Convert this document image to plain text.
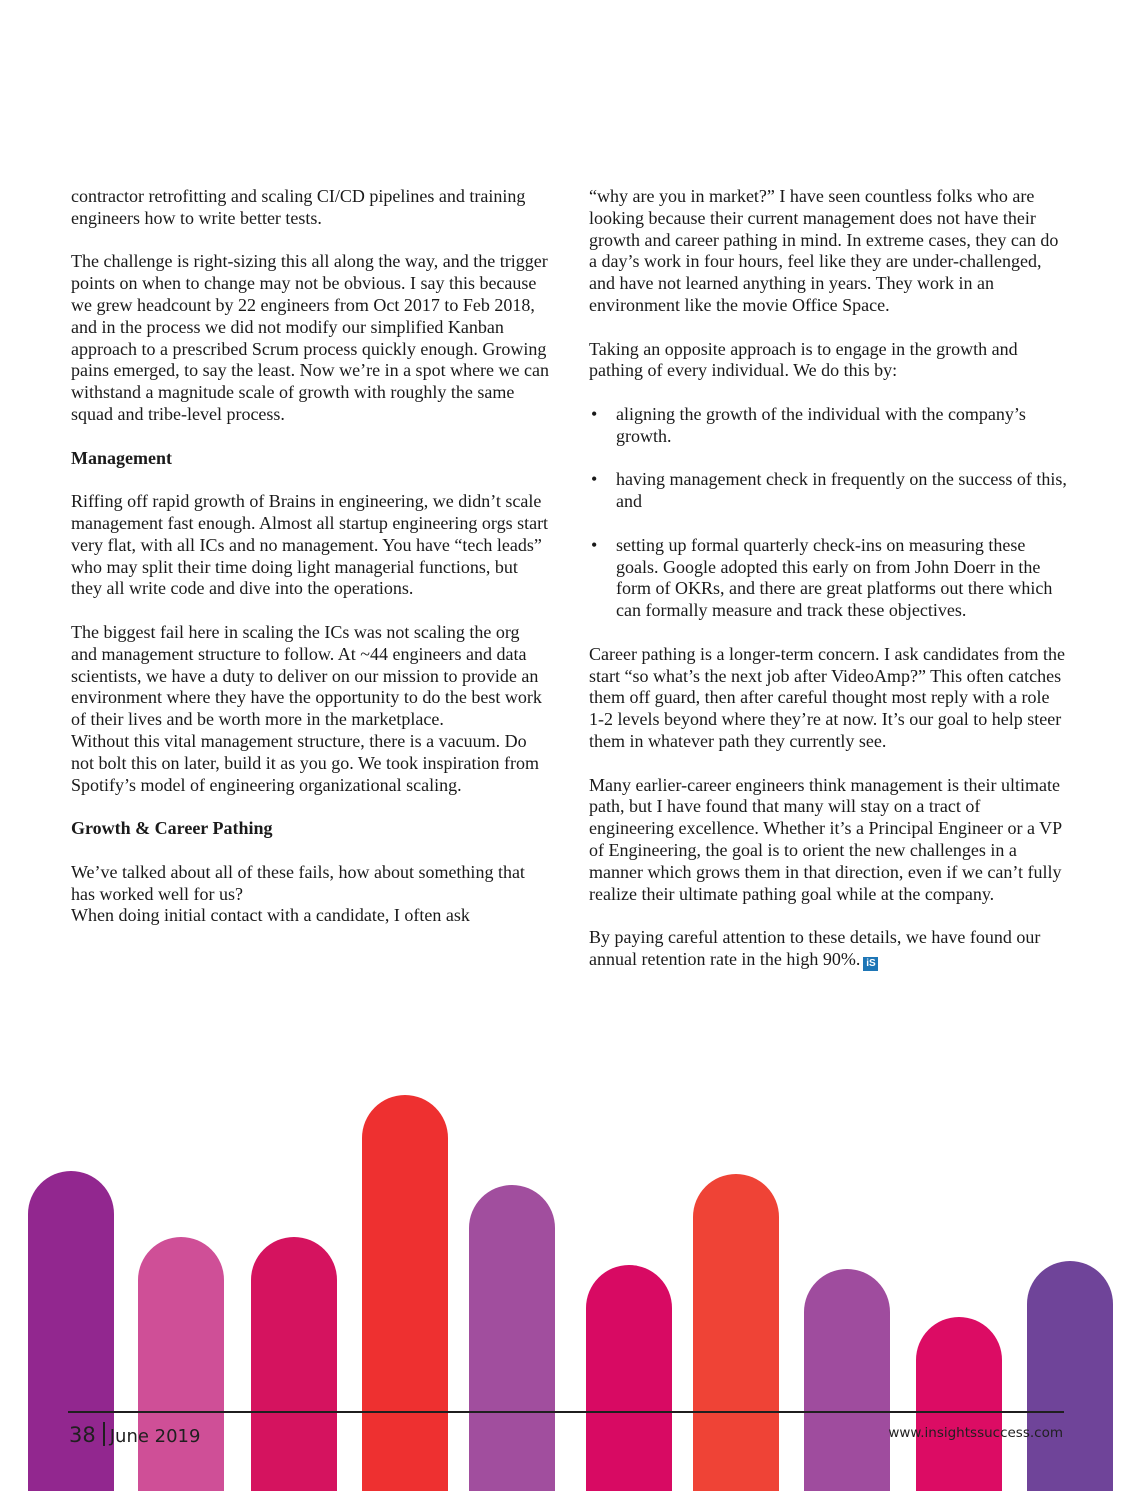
contractor retrofitting and scaling CI/CD pipelines and training engineers how to write better tests.

The challenge is right-sizing this all along the way, and the trigger points on when to change may not be obvious. I say this because we grew headcount by 22 engineers from Oct 2017 to Feb 2018, and in the process we did not modify our simplified Kanban approach to a prescribed Scrum process quickly enough. Growing pains emerged, to say the least. Now we’re in a spot where we can withstand a magnitude scale of growth with roughly the same squad and tribe-level process.

Management

Riffing off rapid growth of Brains in engineering, we didn’t scale management fast enough. Almost all startup engineering orgs start very flat, with all ICs and no management. You have “tech leads” who may split their time doing light managerial functions, but they all write code and dive into the operations.

The biggest fail here in scaling the ICs was not scaling the org and management structure to follow. At ~44 engineers and data scientists, we have a duty to deliver on our mission to provide an environment where they have the opportunity to do the best work of their lives and be worth more in the marketplace.

Without this vital management structure, there is a vacuum. Do not bolt this on later, build it as you go. We took inspiration from Spotify’s model of engineering organizational scaling.

Growth & Career Pathing

We’ve talked about all of these fails, how about something that has worked well for us?

When doing initial contact with a candidate, I often ask

“why are you in market?” I have seen countless folks who are looking because their current management does not have their growth and career pathing in mind. In extreme cases, they can do a day’s work in four hours, feel like they are under-challenged, and have not learned anything in years. They work in an environment like the movie Office Space.

Taking an opposite approach is to engage in the growth and pathing of every individual. We do this by:

• aligning the growth of the individual with the company’s growth.
• having management check in frequently on the success of this, and
• setting up formal quarterly check-ins on measuring these goals. Google adopted this early on from John Doerr in the form of OKRs, and there are great platforms out there which can formally measure and track these objectives.

Career pathing is a longer-term concern. I ask candidates from the start “so what’s the next job after VideoAmp?” This often catches them off guard, then after careful thought most reply with a role 1-2 levels beyond where they’re at now. It’s our goal to help steer them in whatever path they currently see.

Many earlier-career engineers think management is their ultimate path, but I have found that many will stay on a tract of engineering excellence. Whether it’s a Principal Engineer or a VP of Engineering, the goal is to orient the new challenges in a manner which grows them in that direction, even if we can’t fully realize their ultimate pathing goal while at the company.

By paying careful attention to these details, we have found our annual retention rate in the high 90%. iS

38 June 2019	www.insightssuccess.com
